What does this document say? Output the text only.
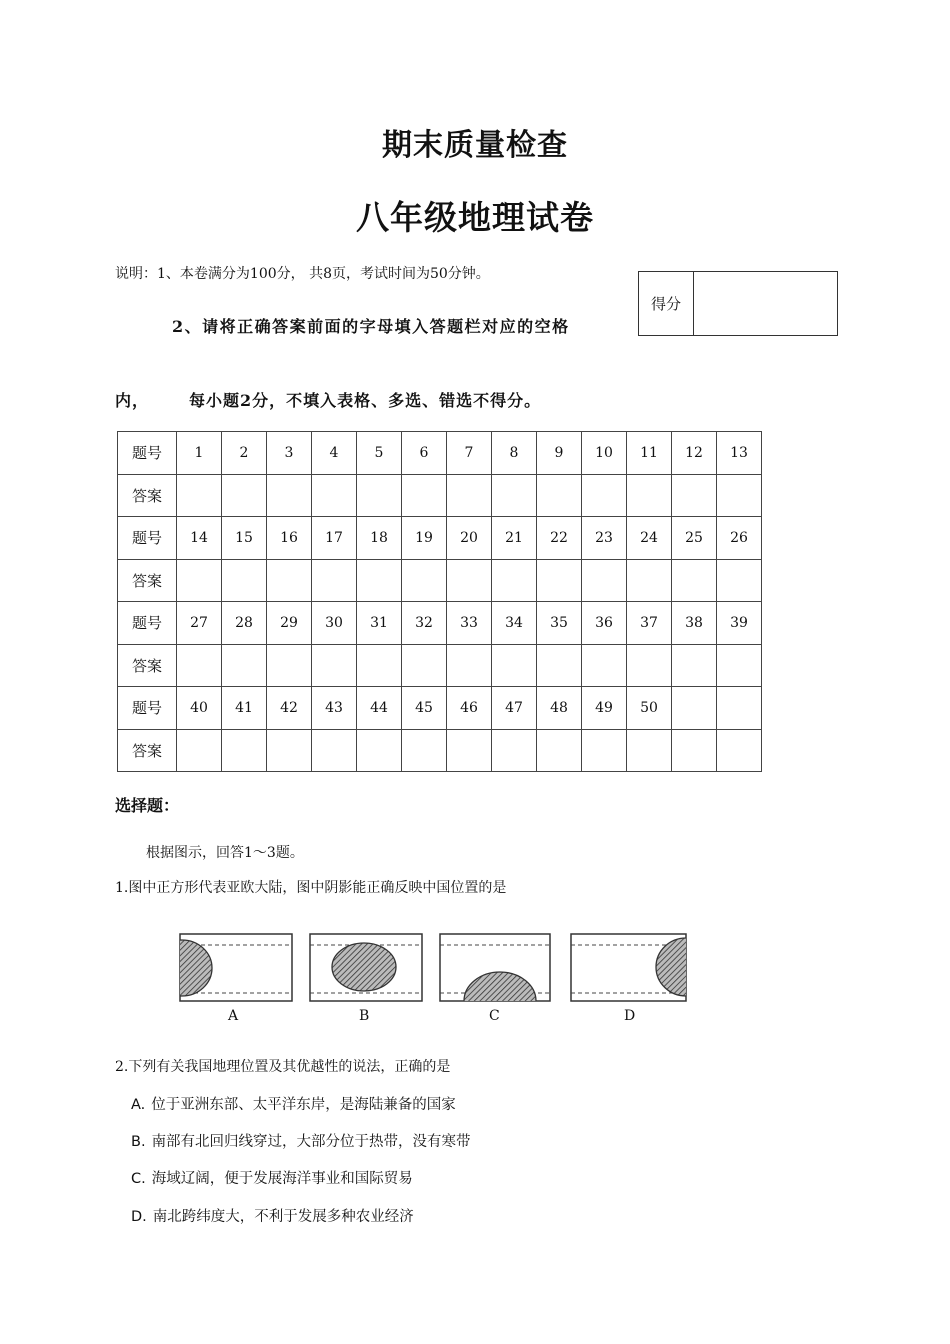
期末质量检查
八年级地理试卷
说明：1、本卷满分为100分， 共8页，考试时间为50分钟。
2、请将正确答案前面的字母填入答题栏对应的空格
内，	每小题2分，不填入表格、多选、错选不得分。
得分
题号	1	2	3	4	5	6	7	8	9	10	11	12	13
答案													
题号	14	15	16	17	18	19	20	21	22	23	24	25	26
答案													
题号	27	28	29	30	31	32	33	34	35	36	37	38	39
答案													
题号	40	41	42	43	44	45	46	47	48	49	50		
答案													
选择题：
根据图示，回答1～3题。
1.图中正方形代表亚欧大陆，图中阴影能正确反映中国位置的是
A	B	C	D
2.下列有关我国地理位置及其优越性的说法，正确的是
A. 位于亚洲东部、太平洋东岸，是海陆兼备的国家
B. 南部有北回归线穿过，大部分位于热带，没有寒带
C. 海域辽阔，便于发展海洋事业和国际贸易
D. 南北跨纬度大，不利于发展多种农业经济
